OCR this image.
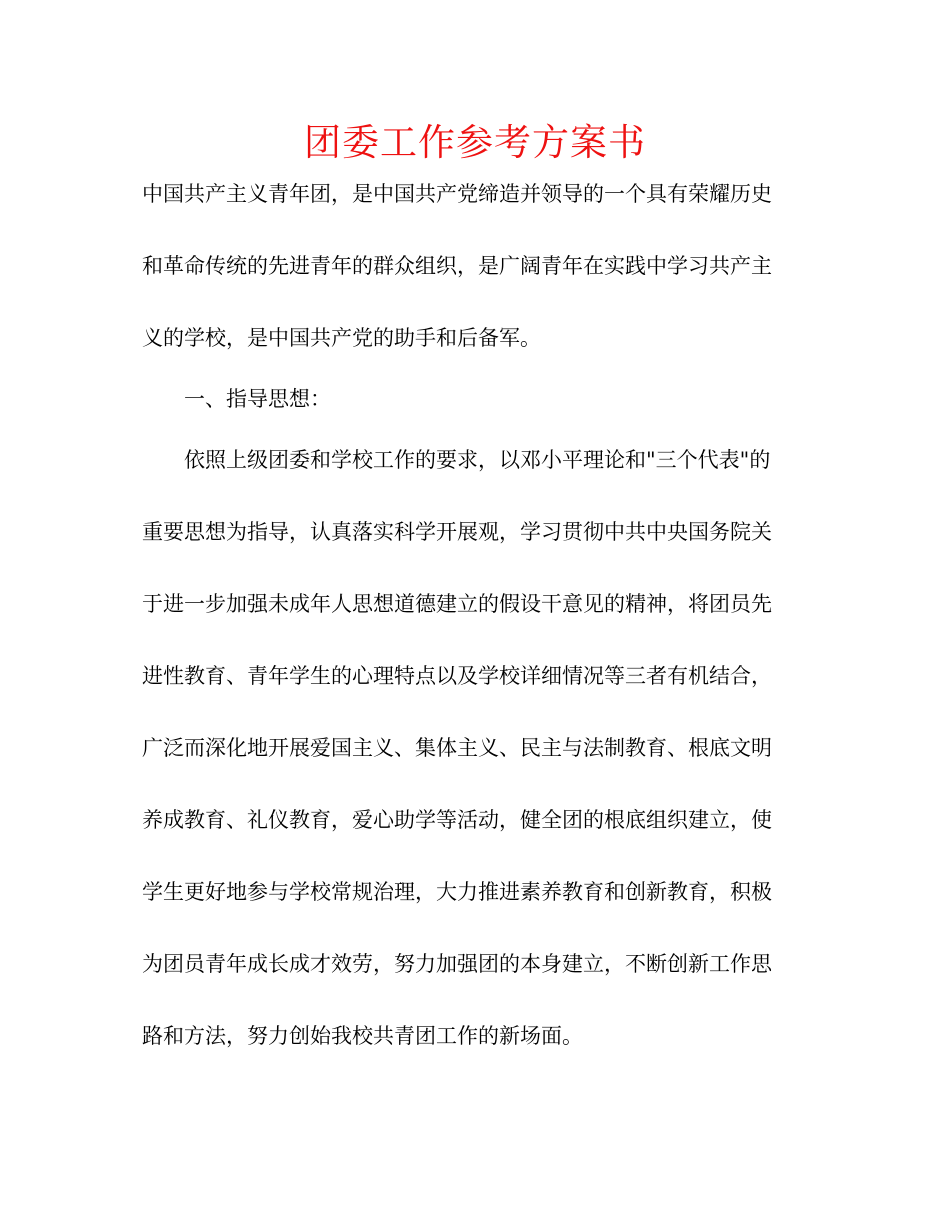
团委工作参考方案书

中国共产主义青年团，是中国共产党缔造并领导的一个具有荣耀历史

和革命传统的先进青年的群众组织，是广阔青年在实践中学习共产主

义的学校，是中国共产党的助手和后备军。

一、指导思想：

依照上级团委和学校工作的要求，以邓小平理论和"三个代表"的

重要思想为指导，认真落实科学开展观，学习贯彻中共中央国务院关

于进一步加强未成年人思想道德建立的假设干意见的精神，将团员先

进性教育、青年学生的心理特点以及学校详细情况等三者有机结合，

广泛而深化地开展爱国主义、集体主义、民主与法制教育、根底文明

养成教育、礼仪教育，爱心助学等活动，健全团的根底组织建立，使

学生更好地参与学校常规治理，大力推进素养教育和创新教育，积极

为团员青年成长成才效劳，努力加强团的本身建立，不断创新工作思

路和方法，努力创始我校共青团工作的新场面。
